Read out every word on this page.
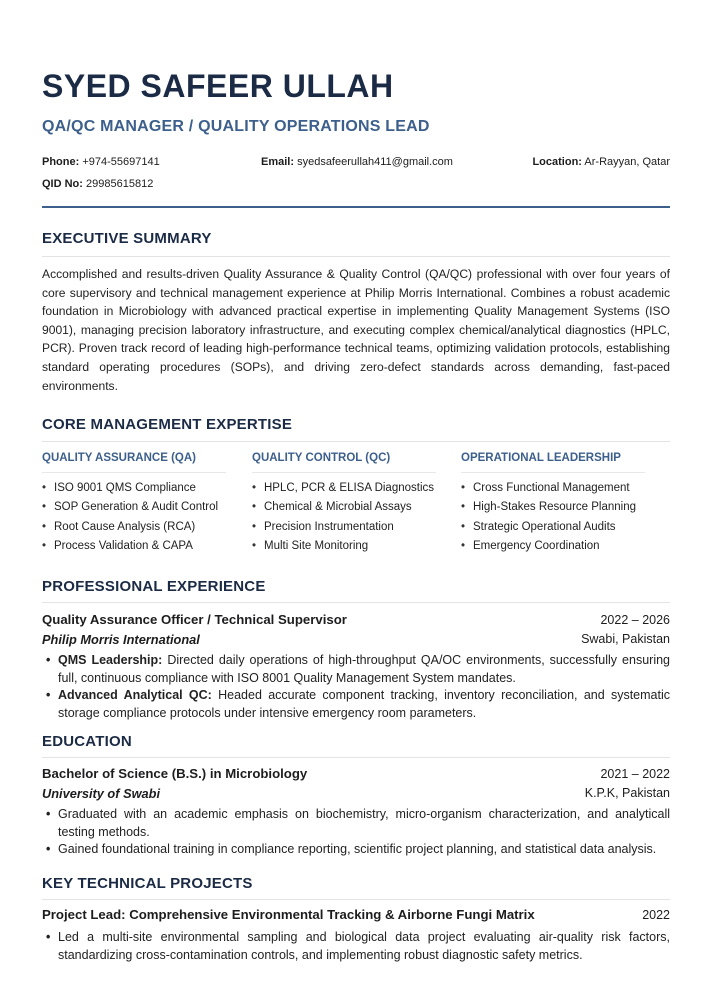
SYED SAFEER ULLAH
QA/QC MANAGER / QUALITY OPERATIONS LEAD
Phone: +974-55697141	Email: syedsafeerullah411@gmail.com	Location: Ar-Rayyan, Qatar
QID No: 29985615812
EXECUTIVE SUMMARY
Accomplished and results-driven Quality Assurance & Quality Control (QA/QC) professional with over four years of core supervisory and technical management experience at Philip Morris International. Combines a robust academic foundation in Microbiology with advanced practical expertise in implementing Quality Management Systems (ISO 9001), managing precision laboratory infrastructure, and executing complex chemical/analytical diagnostics (HPLC, PCR). Proven track record of leading high-performance technical teams, optimizing validation protocols, establishing standard operating procedures (SOPs), and driving zero-defect standards across demanding, fast-paced environments.
CORE MANAGEMENT EXPERTISE
QUALITY ASSURANCE (QA)
• ISO 9001 QMS Compliance
• SOP Generation & Audit Control
• Root Cause Analysis (RCA)
• Process Validation & CAPA
QUALITY CONTROL (QC)
• HPLC, PCR & ELISA Diagnostics
• Chemical & Microbial Assays
• Precision Instrumentation
• Multi Site Monitoring
OPERATIONAL LEADERSHIP
• Cross Functional Management
• High-Stakes Resource Planning
• Strategic Operational Audits
• Emergency Coordination
PROFESSIONAL EXPERIENCE
Quality Assurance Officer / Technical Supervisor	2022 – 2026
Philip Morris International	Swabi, Pakistan
• QMS Leadership: Directed daily operations of high-throughput QA/OC environments, successfully ensuring full, continuous compliance with ISO 8001 Quality Management System mandates.
• Advanced Analytical QC: Headed accurate component tracking, inventory reconciliation, and systematic storage compliance protocols under intensive emergency room parameters.
EDUCATION
Bachelor of Science (B.S.) in Microbiology	2021 – 2022
University of Swabi	K.P.K, Pakistan
• Graduated with an academic emphasis on biochemistry, micro-organism characterization, and analyticall testing methods.
• Gained foundational training in compliance reporting, scientific project planning, and statistical data analysis.
KEY TECHNICAL PROJECTS
Project Lead: Comprehensive Environmental Tracking & Airborne Fungi Matrix	2022
• Led a multi-site environmental sampling and biological data project evaluating air-quality risk factors, standardizing cross-contamination controls, and implementing robust diagnostic safety metrics.
